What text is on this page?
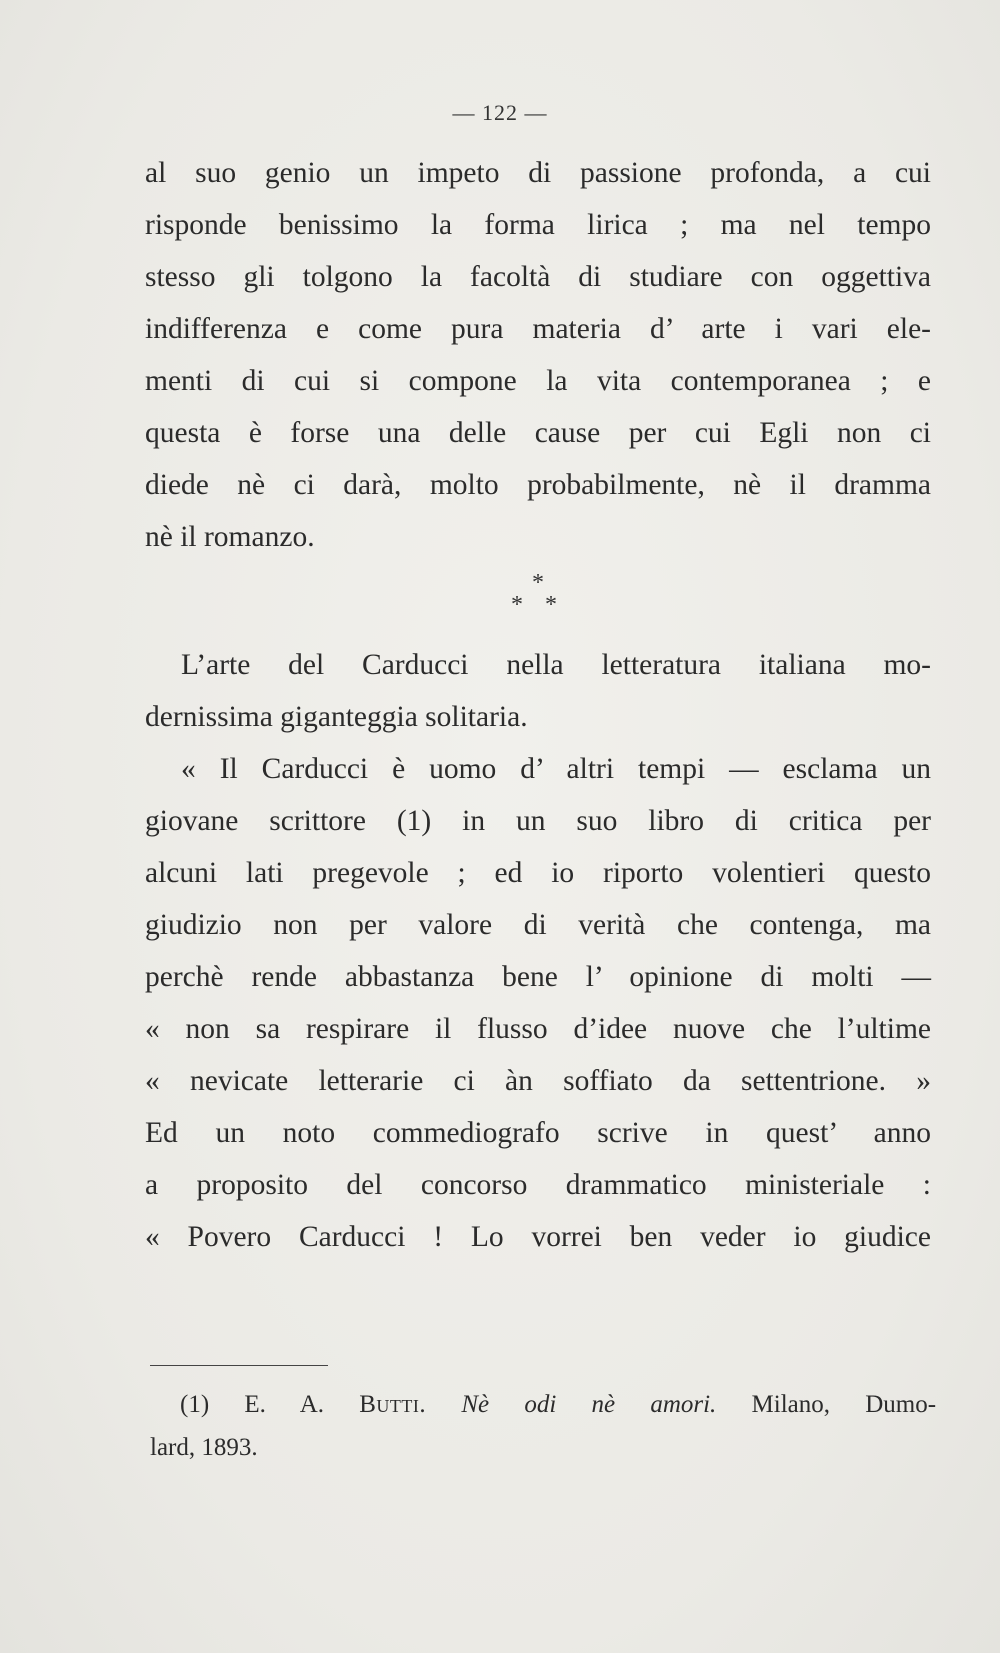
— 122 —
al suo genio un impeto di passione profonda, a cui
risponde benissimo la forma lirica ; ma nel tempo
stesso gli tolgono la facoltà di studiare con oggettiva
indifferenza e come pura materia d’ arte i vari ele-
menti di cui si compone la vita contemporanea ; e
questa è forse una delle cause per cui Egli non ci
diede nè ci darà, molto probabilmente, nè il dramma
nè il romanzo.
*
* *
L’arte del Carducci nella letteratura italiana mo-
dernissima giganteggia solitaria.
« Il Carducci è uomo d’ altri tempi — esclama un
giovane scrittore (1) in un suo libro di critica per
alcuni lati pregevole ; ed io riporto volentieri questo
giudizio non per valore di verità che contenga, ma
perchè rende abbastanza bene l’ opinione di molti —
« non sa respirare il flusso d’idee nuove che l’ultime
« nevicate letterarie ci àn soffiato da settentrione. »
Ed un noto commediografo scrive in quest’ anno
a proposito del concorso drammatico ministeriale :
« Povero Carducci ! Lo vorrei ben veder io giudice
(1) E. A. Butti. Nè odi nè amori. Milano, Dumo-
lard, 1893.
